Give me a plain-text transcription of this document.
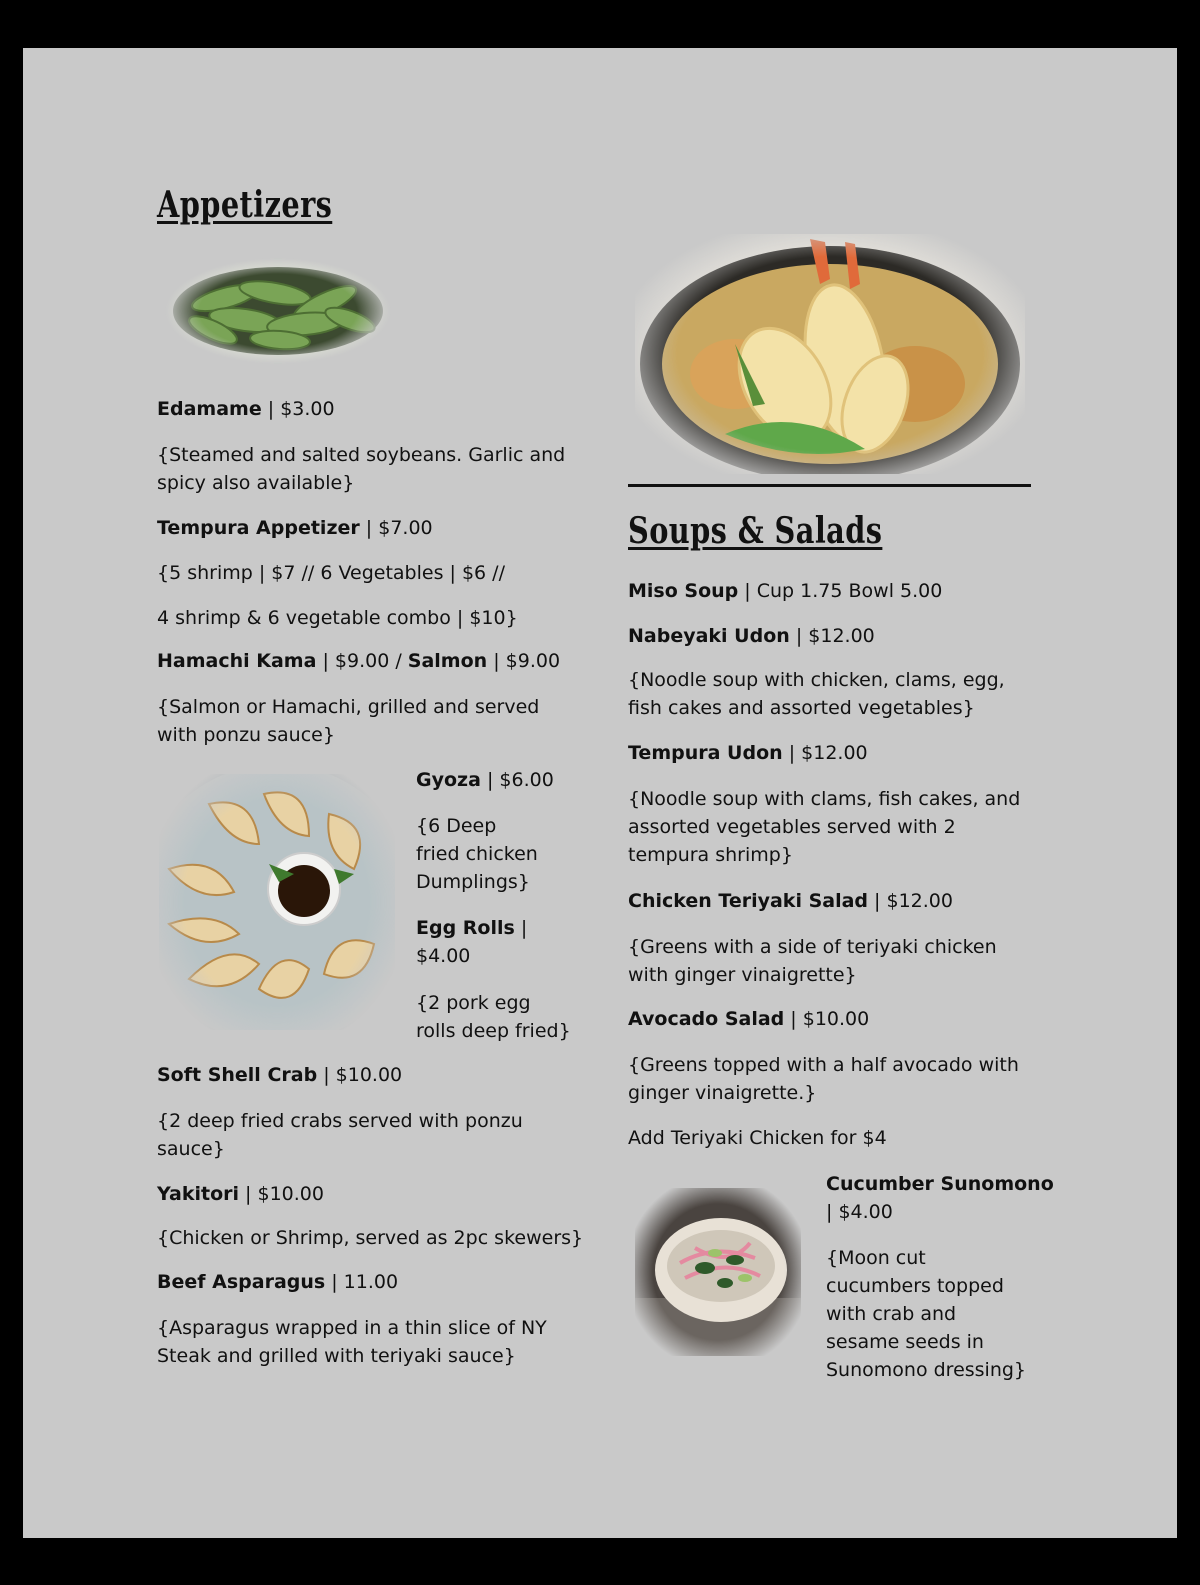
Appetizers
Edamame | $3.00
{Steamed and salted soybeans. Garlic and spicy also available}
Tempura Appetizer | $7.00
{5 shrimp | $7 // 6 Vegetables | $6 //
4 shrimp & 6 vegetable combo | $10}
Hamachi Kama | $9.00 / Salmon | $9.00
{Salmon or Hamachi, grilled and served with ponzu sauce}
Gyoza | $6.00
{6 Deep fried chicken Dumplings}
Egg Rolls | $4.00
{2 pork egg rolls deep fried}
Soft Shell Crab | $10.00
{2 deep fried crabs served with ponzu sauce}
Yakitori | $10.00
{Chicken or Shrimp, served as 2pc skewers}
Beef Asparagus | 11.00
{Asparagus wrapped in a thin slice of NY Steak and grilled with teriyaki sauce}
Soups & Salads
Miso Soup | Cup 1.75 Bowl 5.00
Nabeyaki Udon | $12.00
{Noodle soup with chicken, clams, egg, fish cakes and assorted vegetables}
Tempura Udon | $12.00
{Noodle soup with clams, fish cakes, and assorted vegetables served with 2 tempura shrimp}
Chicken Teriyaki Salad | $12.00
{Greens with a side of teriyaki chicken with ginger vinaigrette}
Avocado Salad | $10.00
{Greens topped with a half avocado with ginger vinaigrette.}
Add Teriyaki Chicken for $4
Cucumber Sunomono
| $4.00
{Moon cut cucumbers topped with crab and sesame seeds in Sunomono dressing}
